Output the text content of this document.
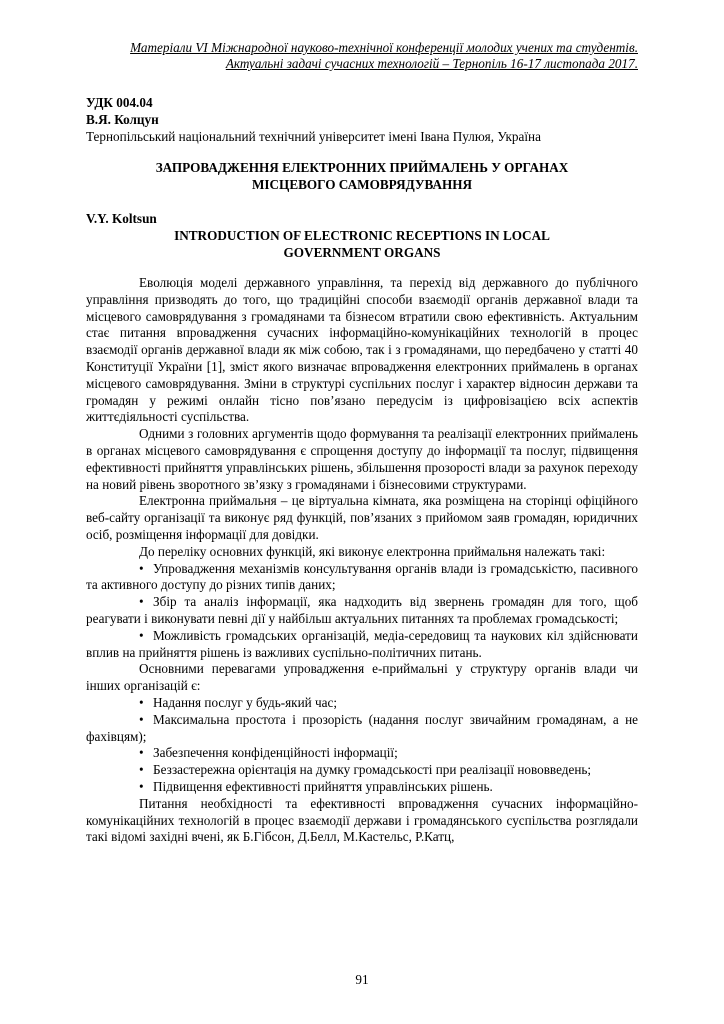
Матеріали VI Міжнародної науково-технічної конференції молодих учених та студентів.
Актуальні задачі сучасних технологій – Тернопіль 16-17 листопада 2017.
УДК 004.04
В.Я. Колцун
Тернопільський національний технічний університет імені Івана Пулюя, Україна
ЗАПРОВАДЖЕННЯ ЕЛЕКТРОННИХ ПРИЙМАЛЕНЬ У ОРГАНАХ МІСЦЕВОГО САМОВРЯДУВАННЯ
V.Y. Koltsun
INTRODUCTION OF ELECTRONIC RECEPTIONS IN LOCAL GOVERNMENT ORGANS

Еволюція моделі державного управління, та перехід від державного до публічного управління призводять до того, що традиційні способи взаємодії органів державної влади та місцевого самоврядування з громадянами та бізнесом втратили свою ефективність. Актуальним стає питання впровадження сучасних інформаційно-комунікаційних технологій в процес взаємодії органів державної влади як між собою, так і з громадянами, що передбачено у статті 40 Конституції України [1], зміст якого визначає впровадження електронних приймалень в органах місцевого самоврядування. Зміни в структурі суспільних послуг і характер відносин держави та громадян у режимі онлайн тісно пов’язано передусім із цифровізацією всіх аспектів життєдіяльності суспільства.

Одними з головних аргументів щодо формування та реалізації електронних приймалень в органах місцевого самоврядування є спрощення доступу до інформації та послуг, підвищення ефективності прийняття управлінських рішень, збільшення прозорості влади за рахунок переходу на новий рівень зворотного зв’язку з громадянами і бізнесовими структурами.

Електронна приймальня – це віртуальна кімната, яка розміщена на сторінці офіційного веб-сайту організації та виконує ряд функцій, пов’язаних з прийомом заяв громадян, юридичних осіб, розміщення інформації для довідки.

До переліку основних функцій, які виконує електронна приймальня належать такі:

• Упровадження механізмів консультування органів влади із громадськістю, пасивного та активного доступу до різних типів даних;

• Збір та аналіз інформації, яка надходить від звернень громадян для того, щоб реагувати і виконувати певні дії у найбільш актуальних питаннях та проблемах громадськості;

• Можливість громадських організацій, медіа-середовищ та наукових кіл здійснювати вплив на прийняття рішень із важливих суспільно-політичних питань.

Основними перевагами упровадження е-приймальні у структуру органів влади чи інших організацій є:

• Надання послуг у будь-який час;

• Максимальна простота і прозорість (надання послуг звичайним громадянам, а не фахівцям);

• Забезпечення конфіденційності інформації;

• Беззастережна орієнтація на думку громадськості при реалізації нововведень;

• Підвищення ефективності прийняття управлінських рішень.

Питання необхідності та ефективності впровадження сучасних інформаційно-комунікаційних технологій в процес взаємодії держави і громадянського суспільства розглядали такі відомі західні вчені, як Б.Гібсон, Д.Белл, М.Кастельс, Р.Катц,

91
